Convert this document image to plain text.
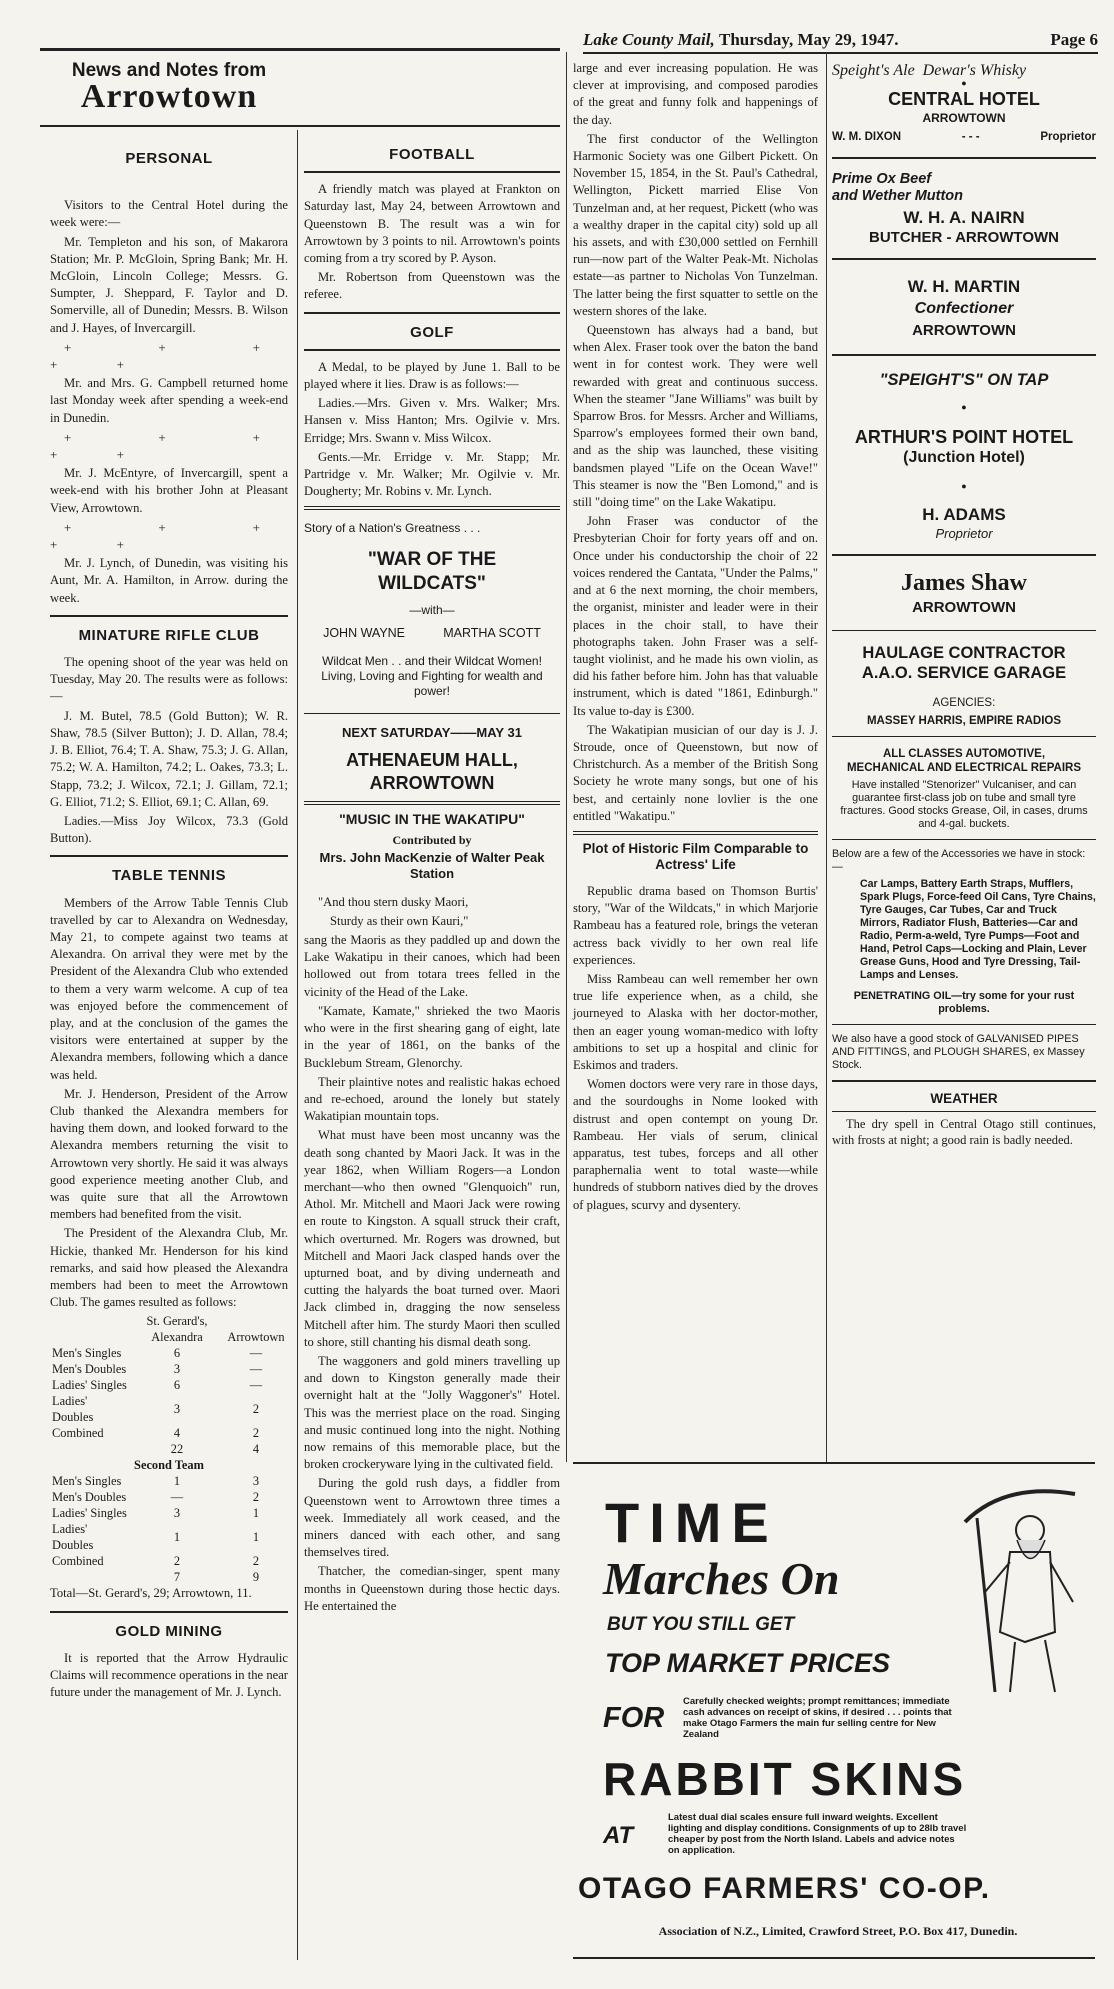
Lake County Mail, Thursday, May 29, 1947.	Page 6
News and Notes from
Arrowtown
PERSONAL

Visitors to the Central Hotel during the week were:—

Mr. Templeton and his son, of Makarora Station; Mr. P. McGloin, Spring Bank; Mr. H. McGloin, Lincoln College; Messrs. G. Sumpter, J. Sheppard, F. Taylor and D. Somerville, all of Dunedin; Messrs. B. Wilson and J. Hayes, of Invercargill.

+ + + + +

Mr. and Mrs. G. Campbell returned home last Monday week after spending a week-end in Dunedin.

+ + + + +

Mr. J. McEntyre, of Invercargill, spent a week-end with his brother John at Pleasant View, Arrowtown.

+ + + + +

Mr. J. Lynch, of Dunedin, was visiting his Aunt, Mr. A. Hamilton, in Arrow. during the week.

MINATURE RIFLE CLUB

The opening shoot of the year was held on Tuesday, May 20. The results were as follows:—

J. M. Butel, 78.5 (Gold Button); W. R. Shaw, 78.5 (Silver Button); J. D. Allan, 78.4; J. B. Elliot, 76.4; T. A. Shaw, 75.3; J. G. Allan, 75.2; W. A. Hamilton, 74.2; L. Oakes, 73.3; L. Stapp, 73.2; J. Wilcox, 72.1; J. Gillam, 72.1; G. Elliot, 71.2; S. Elliot, 69.1; C. Allan, 69.

Ladies.—Miss Joy Wilcox, 73.3 (Gold Button).

TABLE TENNIS

Members of the Arrow Table Tennis Club travelled by car to Alexandra on Wednesday, May 21, to compete against two teams at Alexandra. On arrival they were met by the President of the Alexandra Club who extended to them a very warm welcome. A cup of tea was enjoyed before the commencement of play, and at the conclusion of the games the visitors were entertained at supper by the Alexandra members, following which a dance was held.

Mr. J. Henderson, President of the Arrow Club thanked the Alexandra members for having them down, and looked forward to the Alexandra members returning the visit to Arrowtown very shortly. He said it was always good experience meeting another Club, and was quite sure that all the Arrowtown members had benefited from the visit.

The President of the Alexandra Club, Mr. Hickie, thanked Mr. Henderson for his kind remarks, and said how pleased the Alexandra members had been to meet the Arrowtown Club. The games resulted as follows:

	St. Gerard's,	
	Alexandra	Arrowtown
Men's Singles	6	—
Men's Doubles	3	—
Ladies' Singles	6	—
Ladies' Doubles	3	2
Combined	4	2
	22	4
Second Team		
Men's Singles	1	3
Men's Doubles	—	2
Ladies' Singles	3	1
Ladies' Doubles	1	1
Combined	2	2
	7	9

Total—St. Gerard's, 29; Arrowtown, 11.

GOLD MINING

It is reported that the Arrow Hydraulic Claims will recommence operations in the near future under the management of Mr. J. Lynch.

FOOTBALL

A friendly match was played at Frankton on Saturday last, May 24, between Arrowtown and Queenstown B. The result was a win for Arrowtown by 3 points to nil. Arrowtown's points coming from a try scored by P. Ayson.

Mr. Robertson from Queenstown was the referee.

GOLF

A Medal, to be played by June 1. Ball to be played where it lies. Draw is as follows:—

Ladies.—Mrs. Given v. Mrs. Walker; Mrs. Hansen v. Miss Hanton; Mrs. Ogilvie v. Mrs. Erridge; Mrs. Swann v. Miss Wilcox.

Gents.—Mr. Erridge v. Mr. Stapp; Mr. Partridge v. Mr. Walker; Mr. Ogilvie v. Mr. Dougherty; Mr. Robins v. Mr. Lynch.

Story of a Nation's Greatness . . .
"WAR OF THE WILDCATS"
—with—
JOHN WAYNE	MARTHA SCOTT
Wildcat Men . . and their Wildcat Women! Living, Loving and Fighting for wealth and power!
NEXT SATURDAY——MAY 31
ATHENAEUM HALL, ARROWTOWN
"MUSIC IN THE WAKATIPU"
Contributed by
Mrs. John MacKenzie of Walter Peak Station

"And thou stern dusky Maori,

Sturdy as their own Kauri,"

sang the Maoris as they paddled up and down the Lake Wakatipu in their canoes, which had been hollowed out from totara trees felled in the vicinity of the Head of the Lake.

"Kamate, Kamate," shrieked the two Maoris who were in the first shearing gang of eight, late in the year of 1861, on the banks of the Bucklebum Stream, Glenorchy.

Their plaintive notes and realistic hakas echoed and re-echoed, around the lonely but stately Wakatipian mountain tops.

What must have been most uncanny was the death song chanted by Maori Jack. It was in the year 1862, when William Rogers—a London merchant—who then owned "Glenquoich" run, Athol. Mr. Mitchell and Maori Jack were rowing en route to Kingston. A squall struck their craft, which overturned. Mr. Rogers was drowned, but Mitchell and Maori Jack clasped hands over the upturned boat, and by diving underneath and cutting the halyards the boat turned over. Maori Jack climbed in, dragging the now senseless Mitchell after him. The sturdy Maori then sculled to shore, still chanting his dismal death song.

The waggoners and gold miners travelling up and down to Kingston generally made their overnight halt at the "Jolly Waggoner's" Hotel. This was the merriest place on the road. Singing and music continued long into the night. Nothing now remains of this memorable place, but the broken crockeryware lying in the cultivated field.

During the gold rush days, a fiddler from Queenstown went to Arrowtown three times a week. Immediately all work ceased, and the miners danced with each other, and sang themselves tired.

Thatcher, the comedian-singer, spent many months in Queenstown during those hectic days. He entertained the

large and ever increasing population. He was clever at improvising, and composed parodies of the great and funny folk and happenings of the day.

The first conductor of the Wellington Harmonic Society was one Gilbert Pickett. On November 15, 1854, in the St. Paul's Cathedral, Wellington, Pickett married Elise Von Tunzelman and, at her request, Pickett (who was a wealthy draper in the capital city) sold up all his assets, and with £30,000 settled on Fernhill run—now part of the Walter Peak-Mt. Nicholas estate—as partner to Nicholas Von Tunzelman. The latter being the first squatter to settle on the western shores of the lake.

Queenstown has always had a band, but when Alex. Fraser took over the baton the band went in for contest work. They were well rewarded with great and continuous success. When the steamer "Jane Williams" was built by Sparrow Bros. for Messrs. Archer and Williams, Sparrow's employees formed their own band, and as the ship was launched, these visiting bandsmen played "Life on the Ocean Wave!" This steamer is now the "Ben Lomond," and is still "doing time" on the Lake Wakatipu.

John Fraser was conductor of the Presbyterian Choir for forty years off and on. Once under his conductorship the choir of 22 voices rendered the Cantata, "Under the Palms," and at 6 the next morning, the choir members, the organist, minister and leader were in their places in the choir stall, to have their photographs taken. John Fraser was a self-taught violinist, and he made his own violin, as did his father before him. John has that valuable instrument, which is dated "1861, Edinburgh." Its value to-day is £300.

The Wakatipian musician of our day is J. J. Stroude, once of Queenstown, but now of Christchurch. As a member of the British Song Society he wrote many songs, but one of his best, and certainly none lovlier is the one entitled "Wakatipu."

Plot of Historic Film Comparable to Actress' Life

Republic drama based on Thomson Burtis' story, "War of the Wildcats," in which Marjorie Rambeau has a featured role, brings the veteran actress back vividly to her own real life experiences.

Miss Rambeau can well remember her own true life experience when, as a child, she journeyed to Alaska with her doctor-mother, then an eager young woman-medico with lofty ambitions to set up a hospital and clinic for Eskimos and traders.

Women doctors were very rare in those days, and the sourdoughs in Nome looked with distrust and open contempt on young Dr. Rambeau. Her vials of serum, clinical apparatus, test tubes, forceps and all other paraphernalia went to total waste—while hundreds of stubborn natives died by the droves of plagues, scurvy and dysentery.

Speight's Ale  Dewar's Whisky
●
CENTRAL HOTEL
ARROWTOWN
W. M. DIXON	- - -	Proprietor
Prime Ox Beef
and Wether Mutton
W. H. A. NAIRN
BUTCHER - ARROWTOWN
W. H. MARTIN
Confectioner
ARROWTOWN
"SPEIGHT'S" ON TAP
●
ARTHUR'S POINT HOTEL
(Junction Hotel)
●
H. ADAMS
Proprietor
James Shaw
ARROWTOWN
HAULAGE CONTRACTOR
A.A.O. SERVICE GARAGE
AGENCIES:
MASSEY HARRIS, EMPIRE RADIOS
ALL CLASSES AUTOMOTIVE, MECHANICAL AND ELECTRICAL REPAIRS
Have installed "Stenorizer" Vulcaniser, and can guarantee first-class job on tube and small tyre fractures. Good stocks Grease, Oil, in cases, drums and 4-gal. buckets.
Below are a few of the Accessories we have in stock:—
Car Lamps, Battery Earth Straps, Mufflers, Spark Plugs, Force-feed Oil Cans, Tyre Chains, Tyre Gauges, Car Tubes, Car and Truck Mirrors, Radiator Flush, Batteries—Car and Radio, Perm-a-weld, Tyre Pumps—Foot and Hand, Petrol Caps—Locking and Plain, Lever Grease Guns, Hood and Tyre Dressing, Tail-Lamps and Lenses.
PENETRATING OIL—try some for your rust problems.
We also have a good stock of GALVANISED PIPES AND FITTINGS, and PLOUGH SHARES, ex Massey Stock.
WEATHER

The dry spell in Central Otago still continues, with frosts at night; a good rain is badly needed.

TIME
Marches On
BUT YOU STILL GET
TOP MARKET PRICES
FOR
Carefully checked weights; prompt remittances; immediate cash advances on receipt of skins, if desired . . . points that make Otago Farmers the main fur selling centre for New Zealand
RABBIT SKINS
AT
Latest dual dial scales ensure full inward weights. Excellent lighting and display conditions. Consignments of up to 28lb travel cheaper by post from the North Island. Labels and advice notes on application.
OTAGO FARMERS' CO-OP.
Association of N.Z., Limited, Crawford Street, P.O. Box 417, Dunedin.
